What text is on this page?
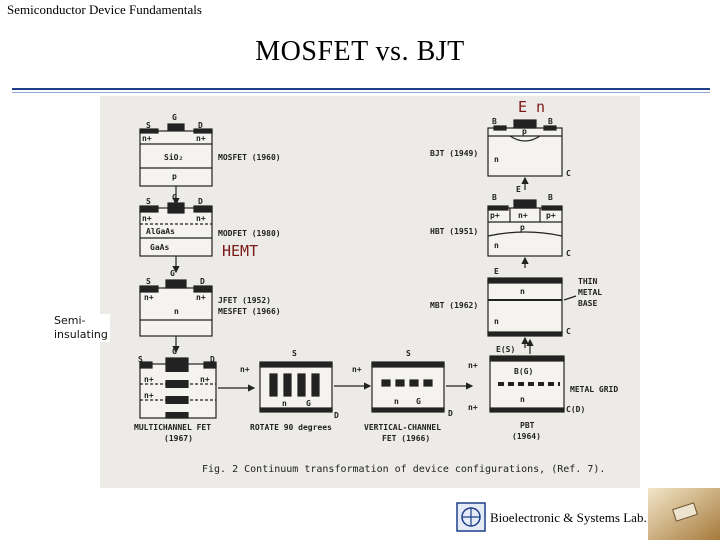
Semiconductor Device Fundamentals
MOSFET vs. BJT
S
G
D
n+	n+
SiO₂
p
MOSFET (1960)
S	G	D
n+	n+
AlGaAs
GaAs
MODFET (1980)
HEMT
S
G
D
n+	n+
n
JFET (1952)
MESFET (1966)
S
G
D
n+
n+
n+
MULTICHANNEL FET
(1967)
S
n+
n G
D
ROTATE 90 degrees
S
n+
n G
D
VERTICAL-CHANNEL
FET (1966)
E(S)
n+
B(G)
METAL GRID
n
n+	C(D)
PBT
(1964)
B	B
p
n
C
BJT (1949)
E n
B
E
B
p+ n+ p+
p
n
C
HBT (1951)
E
n
n
C
MBT (1962)
THIN
METAL
BASE
Fig. 2 Continuum transformation of device configurations, (Ref. 7).
Semi-
insulating
Bioelectronic & Systems Lab.
